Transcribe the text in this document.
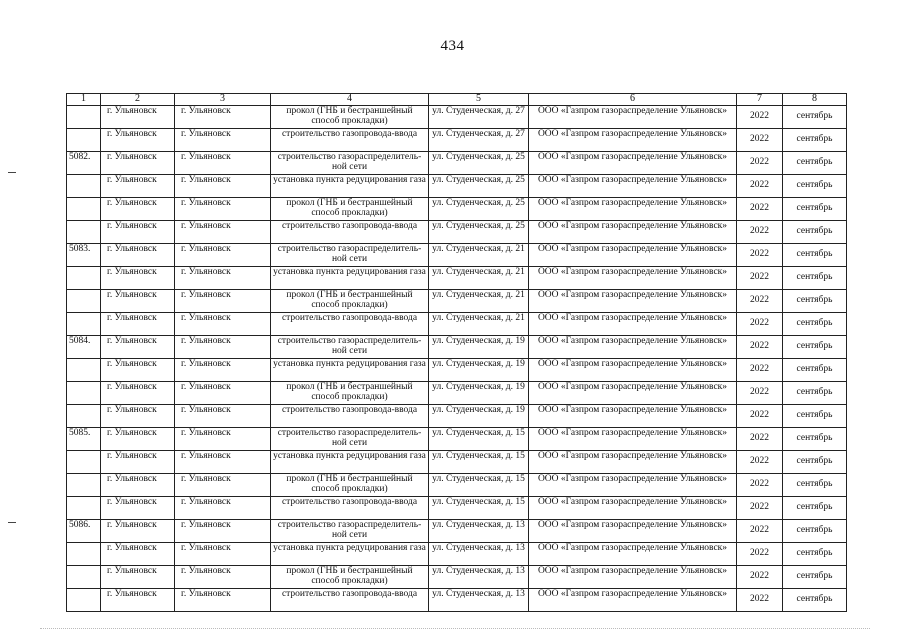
434
1	2	3	4	5	6	7	8
	г. Ульяновск	г. Ульяновск	прокол (ГНБ и бестраншейный способ прокладки)	ул. Студенческая, д. 27	ООО «Газпром газораспределение Ульяновск»	2022	сентябрь
	г. Ульяновск	г. Ульяновск	строительство газопровода-ввода	ул. Студенческая, д. 27	ООО «Газпром газораспределение Ульяновск»	2022	сентябрь
5082.	г. Ульяновск	г. Ульяновск	строительство газораспределитель-ной сети	ул. Студенческая, д. 25	ООО «Газпром газораспределение Ульяновск»	2022	сентябрь
	г. Ульяновск	г. Ульяновск	установка пункта редуцирования газа	ул. Студенческая, д. 25	ООО «Газпром газораспределение Ульяновск»	2022	сентябрь
	г. Ульяновск	г. Ульяновск	прокол (ГНБ и бестраншейный способ прокладки)	ул. Студенческая, д. 25	ООО «Газпром газораспределение Ульяновск»	2022	сентябрь
	г. Ульяновск	г. Ульяновск	строительство газопровода-ввода	ул. Студенческая, д. 25	ООО «Газпром газораспределение Ульяновск»	2022	сентябрь
5083.	г. Ульяновск	г. Ульяновск	строительство газораспределитель-ной сети	ул. Студенческая, д. 21	ООО «Газпром газораспределение Ульяновск»	2022	сентябрь
	г. Ульяновск	г. Ульяновск	установка пункта редуцирования газа	ул. Студенческая, д. 21	ООО «Газпром газораспределение Ульяновск»	2022	сентябрь
	г. Ульяновск	г. Ульяновск	прокол (ГНБ и бестраншейный способ прокладки)	ул. Студенческая, д. 21	ООО «Газпром газораспределение Ульяновск»	2022	сентябрь
	г. Ульяновск	г. Ульяновск	строительство газопровода-ввода	ул. Студенческая, д. 21	ООО «Газпром газораспределение Ульяновск»	2022	сентябрь
5084.	г. Ульяновск	г. Ульяновск	строительство газораспределитель-ной сети	ул. Студенческая, д. 19	ООО «Газпром газораспределение Ульяновск»	2022	сентябрь
	г. Ульяновск	г. Ульяновск	установка пункта редуцирования газа	ул. Студенческая, д. 19	ООО «Газпром газораспределение Ульяновск»	2022	сентябрь
	г. Ульяновск	г. Ульяновск	прокол (ГНБ и бестраншейный способ прокладки)	ул. Студенческая, д. 19	ООО «Газпром газораспределение Ульяновск»	2022	сентябрь
	г. Ульяновск	г. Ульяновск	строительство газопровода-ввода	ул. Студенческая, д. 19	ООО «Газпром газораспределение Ульяновск»	2022	сентябрь
5085.	г. Ульяновск	г. Ульяновск	строительство газораспределитель-ной сети	ул. Студенческая, д. 15	ООО «Газпром газораспределение Ульяновск»	2022	сентябрь
	г. Ульяновск	г. Ульяновск	установка пункта редуцирования газа	ул. Студенческая, д. 15	ООО «Газпром газораспределение Ульяновск»	2022	сентябрь
	г. Ульяновск	г. Ульяновск	прокол (ГНБ и бестраншейный способ прокладки)	ул. Студенческая, д. 15	ООО «Газпром газораспределение Ульяновск»	2022	сентябрь
	г. Ульяновск	г. Ульяновск	строительство газопровода-ввода	ул. Студенческая, д. 15	ООО «Газпром газораспределение Ульяновск»	2022	сентябрь
5086.	г. Ульяновск	г. Ульяновск	строительство газораспределитель-ной сети	ул. Студенческая, д. 13	ООО «Газпром газораспределение Ульяновск»	2022	сентябрь
	г. Ульяновск	г. Ульяновск	установка пункта редуцирования газа	ул. Студенческая, д. 13	ООО «Газпром газораспределение Ульяновск»	2022	сентябрь
	г. Ульяновск	г. Ульяновск	прокол (ГНБ и бестраншейный способ прокладки)	ул. Студенческая, д. 13	ООО «Газпром газораспределение Ульяновск»	2022	сентябрь
	г. Ульяновск	г. Ульяновск	строительство газопровода-ввода	ул. Студенческая, д. 13	ООО «Газпром газораспределение Ульяновск»	2022	сентябрь
